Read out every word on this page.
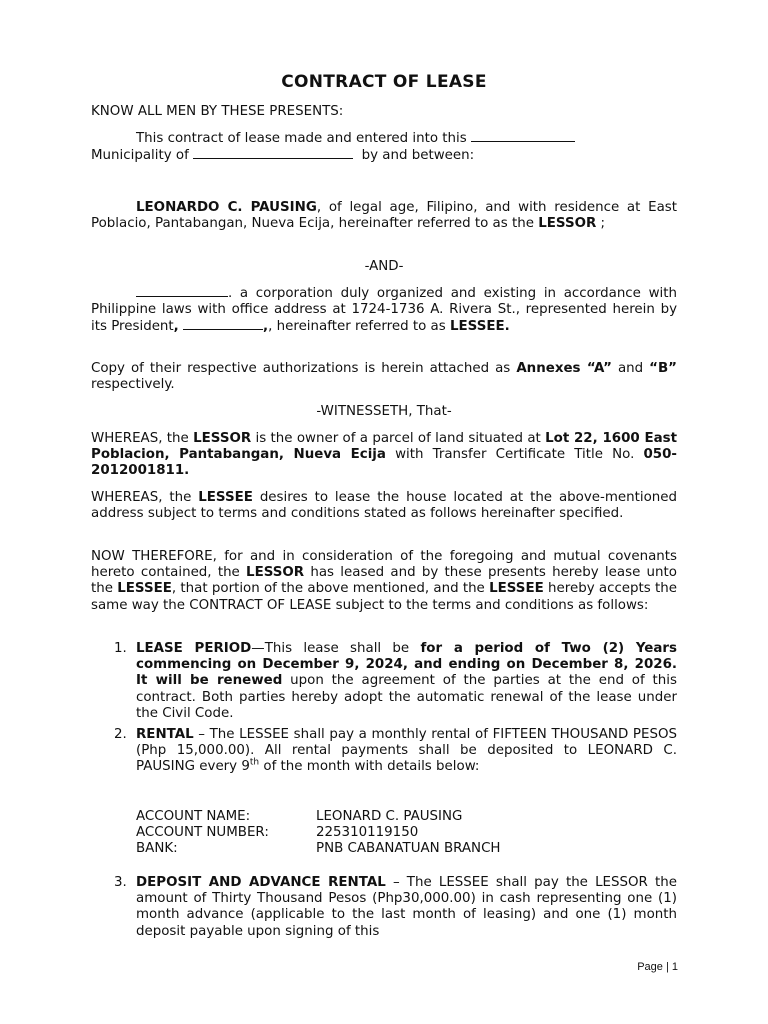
CONTRACT OF LEASE
KNOW ALL MEN BY THESE PRESENTS:
This contract of lease made and entered into this
Municipality of	by and between:
LEONARDO C. PAUSING, of legal age, Filipino, and with residence at East Poblacio, Pantabangan, Nueva Ecija, hereinafter referred to as the LESSOR ;
-AND-
. a corporation duly organized and existing in accordance with Philippine laws with office address at 1724-1736 A. Rivera St., represented herein by its President,	,, hereinafter referred to as LESSEE.
Copy of their respective authorizations is herein attached as Annexes “A” and “B” respectively.
-WITNESSETH, That-
WHEREAS, the LESSOR is the owner of a parcel of land situated at Lot 22, 1600 East Poblacion, Pantabangan, Nueva Ecija with Transfer Certificate Title No. 050-2012001811.
WHEREAS, the LESSEE desires to lease the house located at the above-mentioned address subject to terms and conditions stated as follows hereinafter specified.
NOW THEREFORE, for and in consideration of the foregoing and mutual covenants hereto contained, the LESSOR has leased and by these presents hereby lease unto the LESSEE, that portion of the above mentioned, and the LESSEE hereby accepts the same way the CONTRACT OF LEASE subject to the terms and conditions as follows:
1. LEASE PERIOD—This lease shall be for a period of Two (2) Years commencing on December 9, 2024, and ending on December 8, 2026. It will be renewed upon the agreement of the parties at the end of this contract. Both parties hereby adopt the automatic renewal of the lease under the Civil Code.
2. RENTAL – The LESSEE shall pay a monthly rental of FIFTEEN THOUSAND PESOS (Php 15,000.00). All rental payments shall be deposited to LEONARD C. PAUSING every 9th of the month with details below:
ACCOUNT NAME:	LEONARD C. PAUSING
ACCOUNT NUMBER:	225310119150
BANK:	PNB CABANATUAN BRANCH
3. DEPOSIT AND ADVANCE RENTAL – The LESSEE shall pay the LESSOR the amount of Thirty Thousand Pesos (Php30,000.00) in cash representing one (1) month advance (applicable to the last month of leasing) and one (1) month deposit payable upon signing of this
Page | 1
